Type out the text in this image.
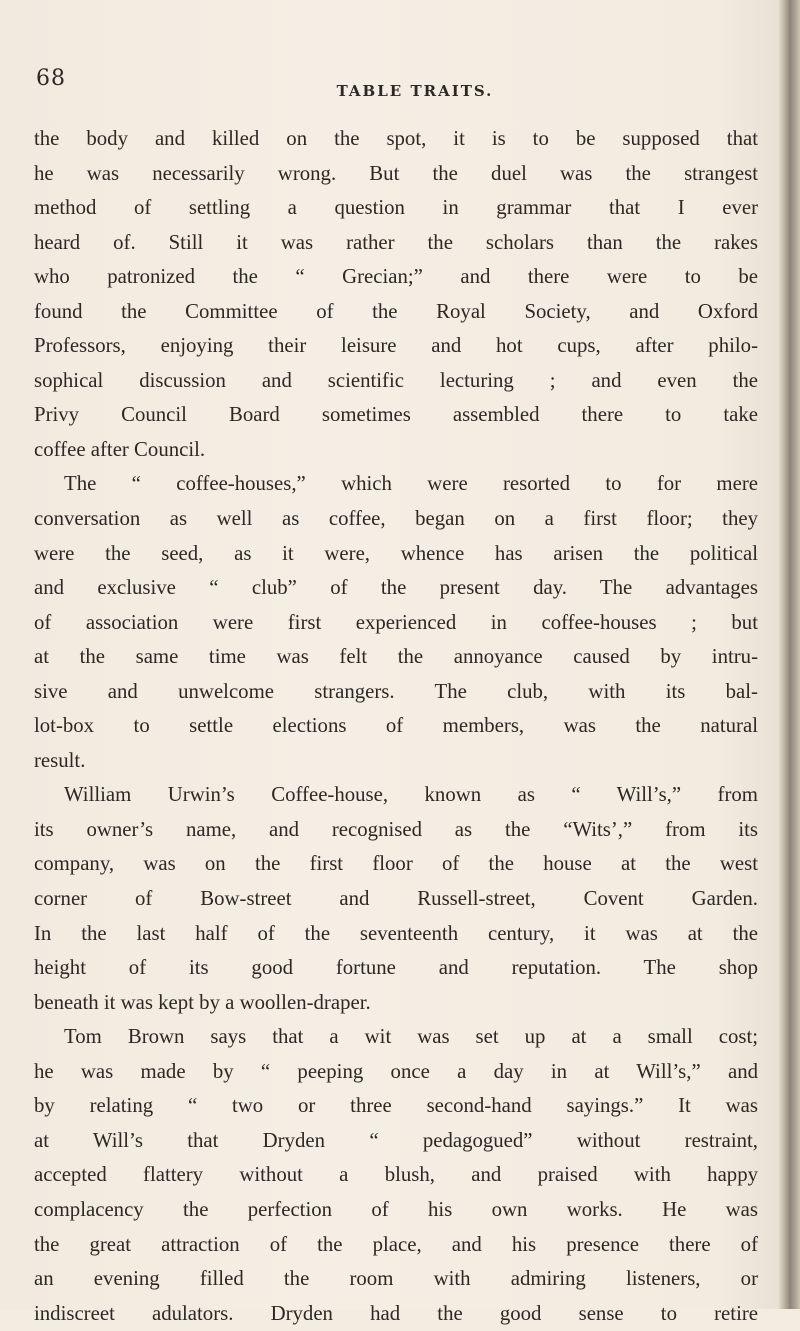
68	TABLE TRAITS.
the body and killed on the spot, it is to be supposed that
he was necessarily wrong. But the duel was the strangest
method of settling a question in grammar that I ever
heard of. Still it was rather the scholars than the rakes
who patronized the “ Grecian;” and there were to be
found the Committee of the Royal Society, and Oxford
Professors, enjoying their leisure and hot cups, after philo-
sophical discussion and scientific lecturing ; and even the
Privy Council Board sometimes assembled there to take
coffee after Council.
The “ coffee-houses,” which were resorted to for mere
conversation as well as coffee, began on a first floor; they
were the seed, as it were, whence has arisen the political
and exclusive “ club” of the present day. The advantages
of association were first experienced in coffee-houses ; but
at the same time was felt the annoyance caused by intru-
sive and unwelcome strangers. The club, with its bal-
lot-box to settle elections of members, was the natural
result.
William Urwin’s Coffee-house, known as “ Will’s,” from
its owner’s name, and recognised as the “Wits’,” from its
company, was on the first floor of the house at the west
corner of Bow-street and Russell-street, Covent Garden.
In the last half of the seventeenth century, it was at the
height of its good fortune and reputation. The shop
beneath it was kept by a woollen-draper.
Tom Brown says that a wit was set up at a small cost;
he was made by “ peeping once a day in at Will’s,” and
by relating “ two or three second-hand sayings.” It was
at Will’s that Dryden “ pedagogued” without restraint,
accepted flattery without a blush, and praised with happy
complacency the perfection of his own works. He was
the great attraction of the place, and his presence there of
an evening filled the room with admiring listeners, or
indiscreet adulators. Dryden had the good sense to retire
